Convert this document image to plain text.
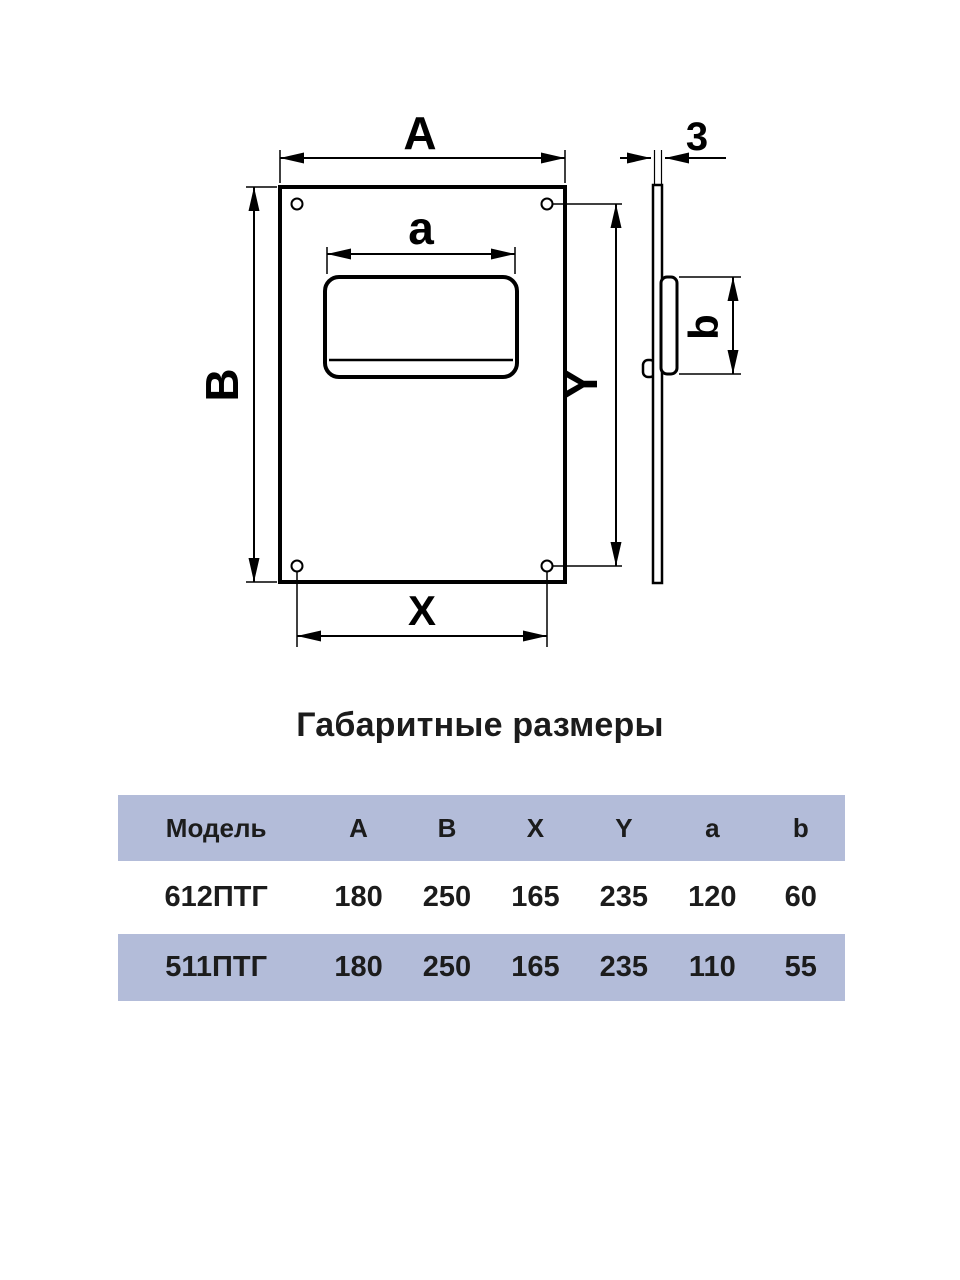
A
a
B
X
Y
3
b
Габаритные размеры
Модель	A	B	X	Y	a	b
612ПТГ	180	250	165	235	120	60
511ПТГ	180	250	165	235	110	55
